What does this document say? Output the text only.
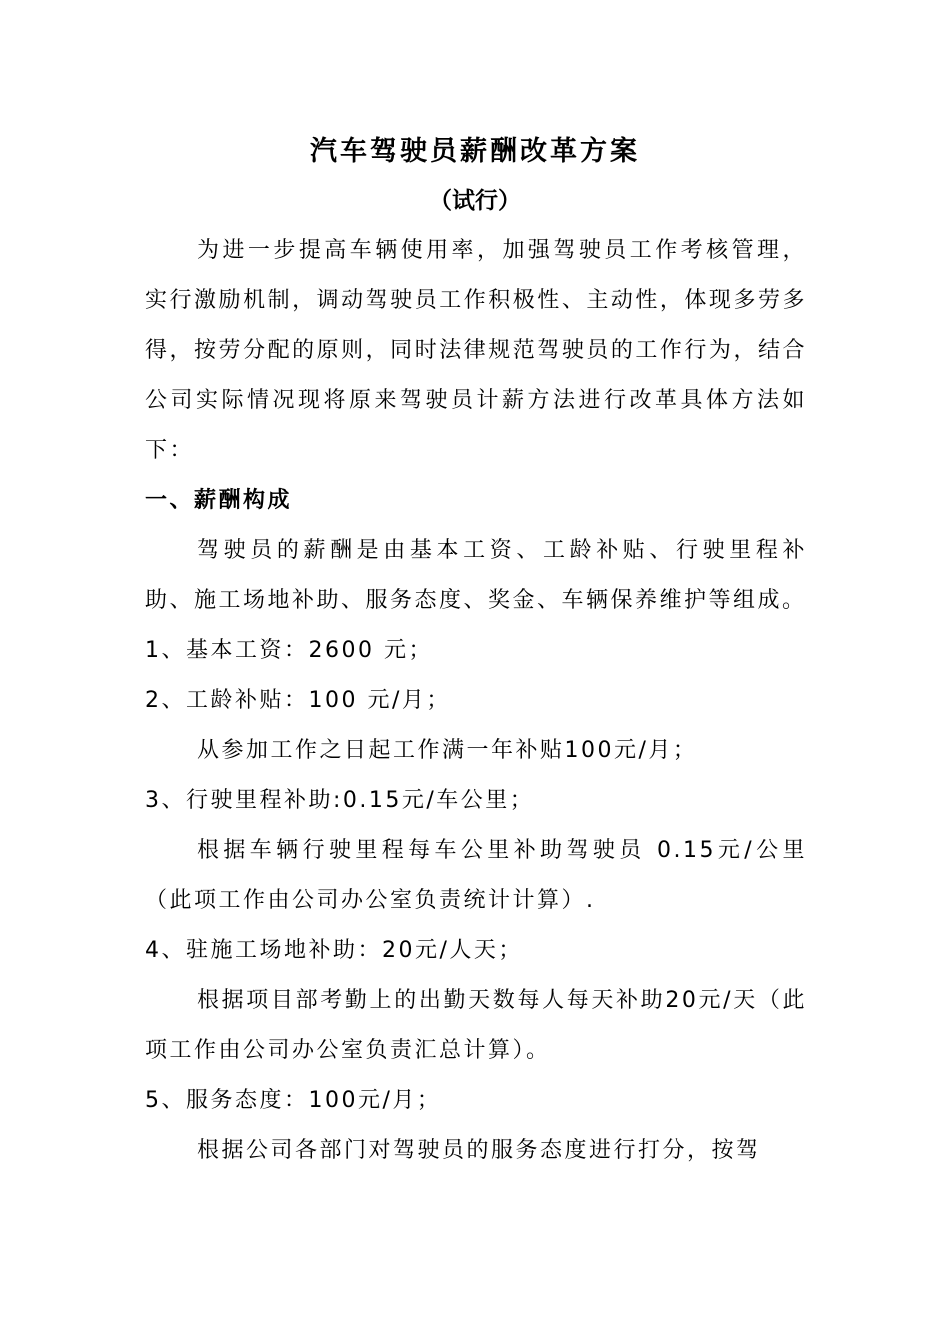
汽车驾驶员薪酬改革方案
（试行）

为进一步提高车辆使用率，加强驾驶员工作考核管理，实行激励机制，调动驾驶员工作积极性、主动性，体现多劳多得，按劳分配的原则，同时法律规范驾驶员的工作行为，结合公司实际情况现将原来驾驶员计薪方法进行改革具体方法如下：

一、薪酬构成

驾驶员的薪酬是由基本工资、工龄补贴、行驶里程补助、施工场地补助、服务态度、奖金、车辆保养维护等组成。

1、基本工资：2600 元；

2、工龄补贴：100 元/月；

从参加工作之日起工作满一年补贴100元/月；

3、行驶里程补助:0.15元/车公里；

根据车辆行驶里程每车公里补助驾驶员 0.15元/公里（此项工作由公司办公室负责统计计算）.

4、驻施工场地补助：20元/人天；

根据项目部考勤上的出勤天数每人每天补助20元/天（此项工作由公司办公室负责汇总计算）。

5、服务态度：100元/月；

根据公司各部门对驾驶员的服务态度进行打分，按驾
